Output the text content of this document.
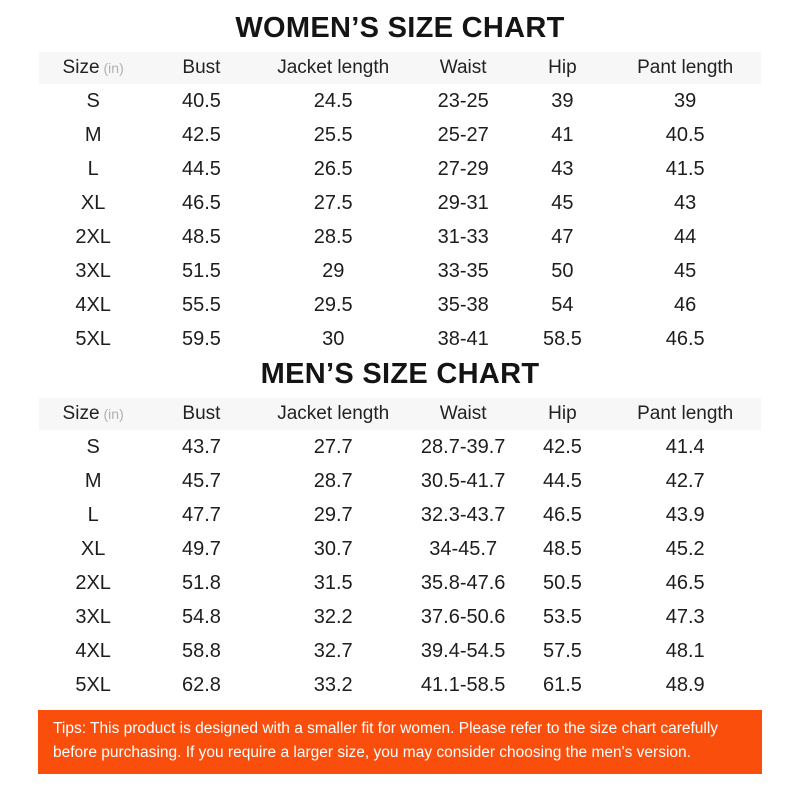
WOMEN’S SIZE CHART
Size (in)	Bust	Jacket length	Waist	Hip	Pant length
S	40.5	24.5	23-25	39	39
M	42.5	25.5	25-27	41	40.5
L	44.5	26.5	27-29	43	41.5
XL	46.5	27.5	29-31	45	43
2XL	48.5	28.5	31-33	47	44
3XL	51.5	29	33-35	50	45
4XL	55.5	29.5	35-38	54	46
5XL	59.5	30	38-41	58.5	46.5
MEN’S SIZE CHART
Size (in)	Bust	Jacket length	Waist	Hip	Pant length
S	43.7	27.7	28.7-39.7	42.5	41.4
M	45.7	28.7	30.5-41.7	44.5	42.7
L	47.7	29.7	32.3-43.7	46.5	43.9
XL	49.7	30.7	34-45.7	48.5	45.2
2XL	51.8	31.5	35.8-47.6	50.5	46.5
3XL	54.8	32.2	37.6-50.6	53.5	47.3
4XL	58.8	32.7	39.4-54.5	57.5	48.1
5XL	62.8	33.2	41.1-58.5	61.5	48.9

Tips: This product is designed with a smaller fit for women. Please refer to the size chart carefully before purchasing. If you require a larger size, you may consider choosing the men's version.
